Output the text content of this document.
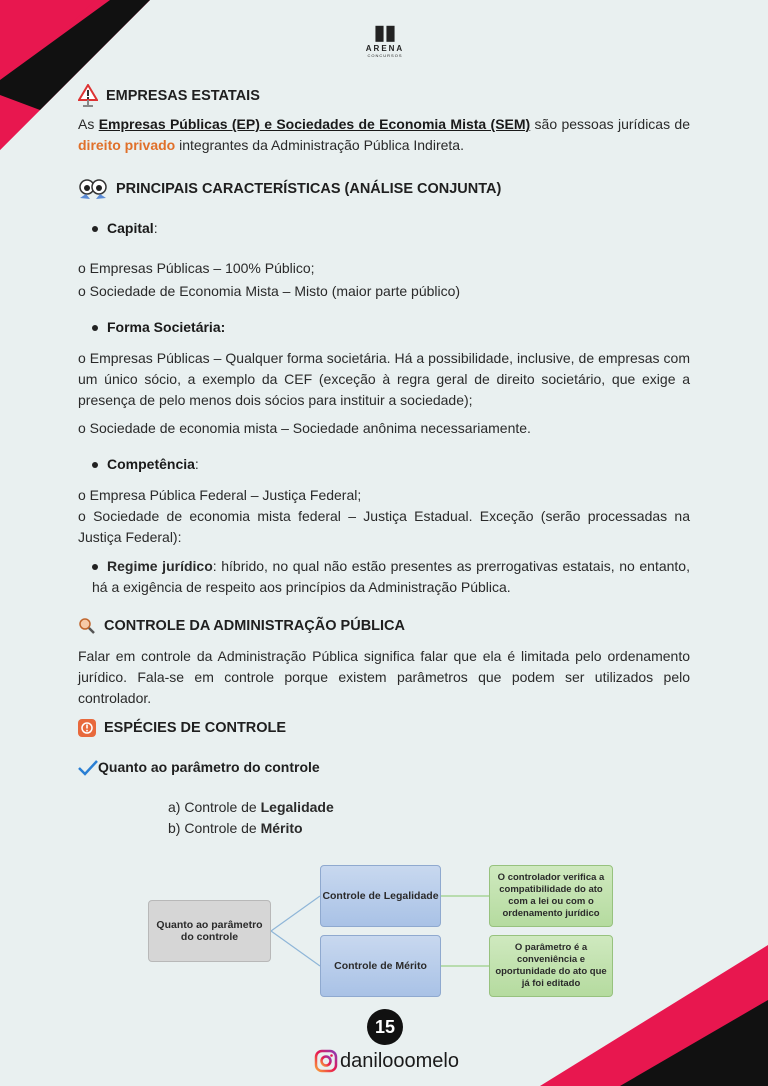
▮▮
ARENA
CONCURSOS
EMPRESAS ESTATAIS
As Empresas Públicas (EP) e Sociedades de Economia Mista (SEM) são pessoas jurídicas de direito privado integrantes da Administração Pública Indireta.
PRINCIPAIS CARACTERÍSTICAS (ANÁLISE CONJUNTA)
Capital:
o Empresas Públicas – 100% Público;
o Sociedade de Economia Mista – Misto (maior parte público)
Forma Societária:
o Empresas Públicas – Qualquer forma societária. Há a possibilidade, inclusive, de empresas com um único sócio, a exemplo da CEF (exceção à regra geral de direito societário, que exige a presença de pelo menos dois sócios para instituir a sociedade);
o Sociedade de economia mista – Sociedade anônima necessariamente.
Competência:
o Empresa Pública Federal – Justiça Federal;
o Sociedade de economia mista federal – Justiça Estadual. Exceção (serão processadas na Justiça Federal):
Regime jurídico: híbrido, no qual não estão presentes as prerrogativas estatais, no entanto, há a exigência de respeito aos princípios da Administração Pública.
CONTROLE DA ADMINISTRAÇÃO PÚBLICA
Falar em controle da Administração Pública significa falar que ela é limitada pelo ordenamento jurídico. Fala-se em controle porque existem parâmetros que podem ser utilizados pelo controlador.
ESPÉCIES DE CONTROLE
Quanto ao parâmetro do controle
a) Controle de Legalidade
b) Controle de Mérito
Quanto ao parâmetro do controle
Controle de Legalidade
Controle de Mérito
O controlador verifica a compatibilidade do ato com a lei ou com o ordenamento jurídico
O parâmetro é a conveniência e oportunidade do ato que já foi editado
15
danilooomelo
